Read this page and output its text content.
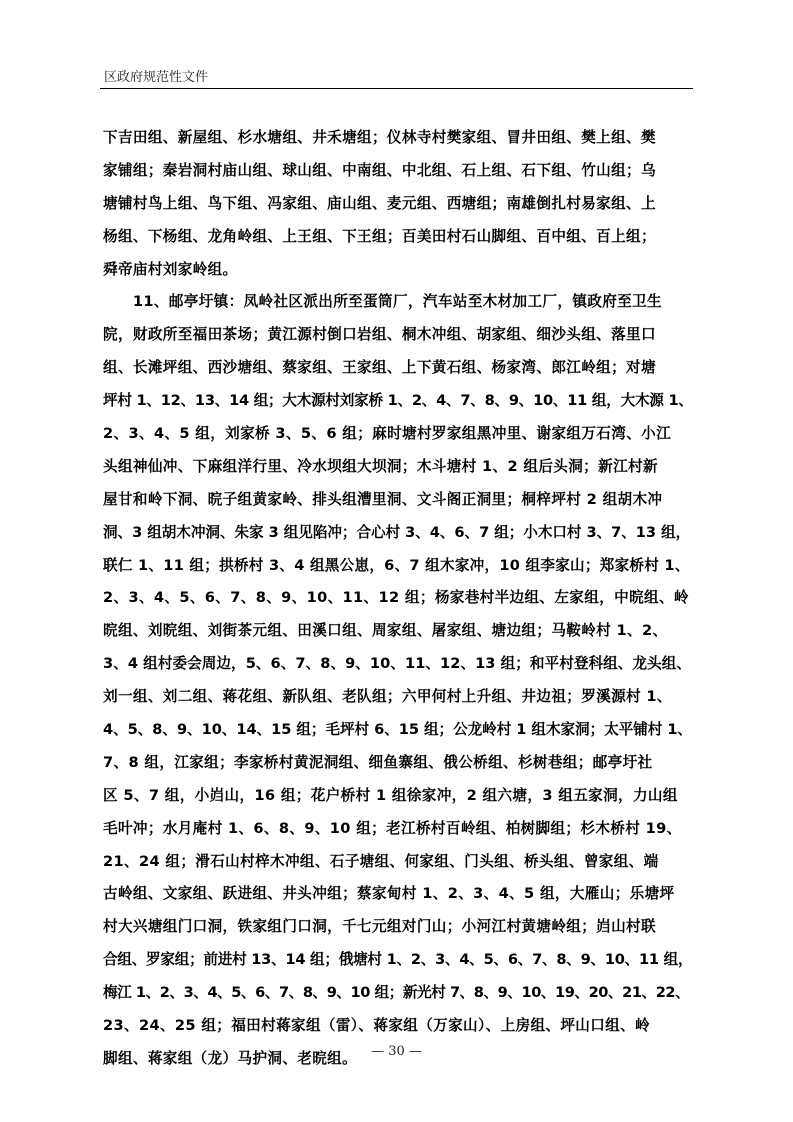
区政府规范性文件
下吉田组、新屋组、杉水塘组、井禾塘组；仪林寺村樊家组、冒井田组、樊上组、樊
家铺组；秦岩洞村庙山组、球山组、中南组、中北组、石上组、石下组、竹山组；乌
塘铺村鸟上组、鸟下组、冯家组、庙山组、麦元组、西塘组；南雄倒扎村易家组、上
杨组、下杨组、龙角岭组、上王组、下王组；百美田村石山脚组、百中组、百上组；
舜帝庙村刘家岭组。
　　11、邮亭圩镇：凤岭社区派出所至蛋筒厂，汽车站至木材加工厂，镇政府至卫生
院，财政所至福田茶场；黄江源村倒口岩组、桐木冲组、胡家组、细沙头组、落里口
组、长滩坪组、西沙塘组、蔡家组、王家组、上下黄石组、杨家湾、郎江岭组；对塘
坪村 1、12、13、14 组；大木源村刘家桥 1、2、4、7、8、9、10、11 组，大木源 1、
2、3、4、5 组，刘家桥 3、5、6 组；麻时塘村罗家组黑冲里、谢家组万石湾、小江
头组神仙冲、下麻组洋行里、冷水坝组大坝洞；木斗塘村 1、2 组后头洞；新江村新
屋甘和岭下洞、晥子组黄家岭、排头组漕里洞、文斗阁正洞里；桐梓坪村 2 组胡木冲
洞、3 组胡木冲洞、朱家 3 组见陷冲；合心村 3、4、6、7 组；小木口村 3、7、13 组，
联仁 1、11 组；拱桥村 3、4 组黑公崽，6、7 组木家冲，10 组李家山；郑家桥村 1、
2、3、4、5、6、7、8、9、10、11、12 组；杨家巷村半边组、左家组，中晥组、岭
晥组、刘晥组、刘街茶元组、田溪口组、周家组、屠家组、塘边组；马鞍岭村 1、2、
3、4 组村委会周边，5、6、7、8、9、10、11、12、13 组；和平村登科组、龙头组、
刘一组、刘二组、蒋花组、新队组、老队组；六甲何村上升组、井边祖；罗溪源村 1、
4、5、8、9、10、14、15 组；毛坪村 6、15 组；公龙岭村 1 组木家洞；太平铺村 1、
7、8 组，江家组；李家桥村黄泥洞组、细鱼寨组、俄公桥组、杉树巷组；邮亭圩社
区 5、7 组，小岿山，16 组；花户桥村 1 组徐家冲，2 组六塘，3 组五家洞，力山组
毛叶冲；水月庵村 1、6、8、9、10 组；老江桥村百岭组、柏树脚组；杉木桥村 19、
21、24 组；滑石山村梓木冲组、石子塘组、何家组、门头组、桥头组、曾家组、端
古岭组、文家组、跃进组、井头冲组；蔡家甸村 1、2、3、4、5 组，大雁山；乐塘坪
村大兴塘组门口洞，铁家组门口洞，千七元组对门山；小河江村黄塘岭组；岿山村联
合组、罗家组；前进村 13、14 组；俄塘村 1、2、3、4、5、6、7、8、9、10、11 组，
梅江 1、2、3、4、5、6、7、8、9、10 组；新光村 7、8、9、10、19、20、21、22、
23、24、25 组；福田村蒋家组（雷）、蒋家组（万家山）、上房组、坪山口组、岭
脚组、蒋家组（龙）马护洞、老晥组。	— 30 —
